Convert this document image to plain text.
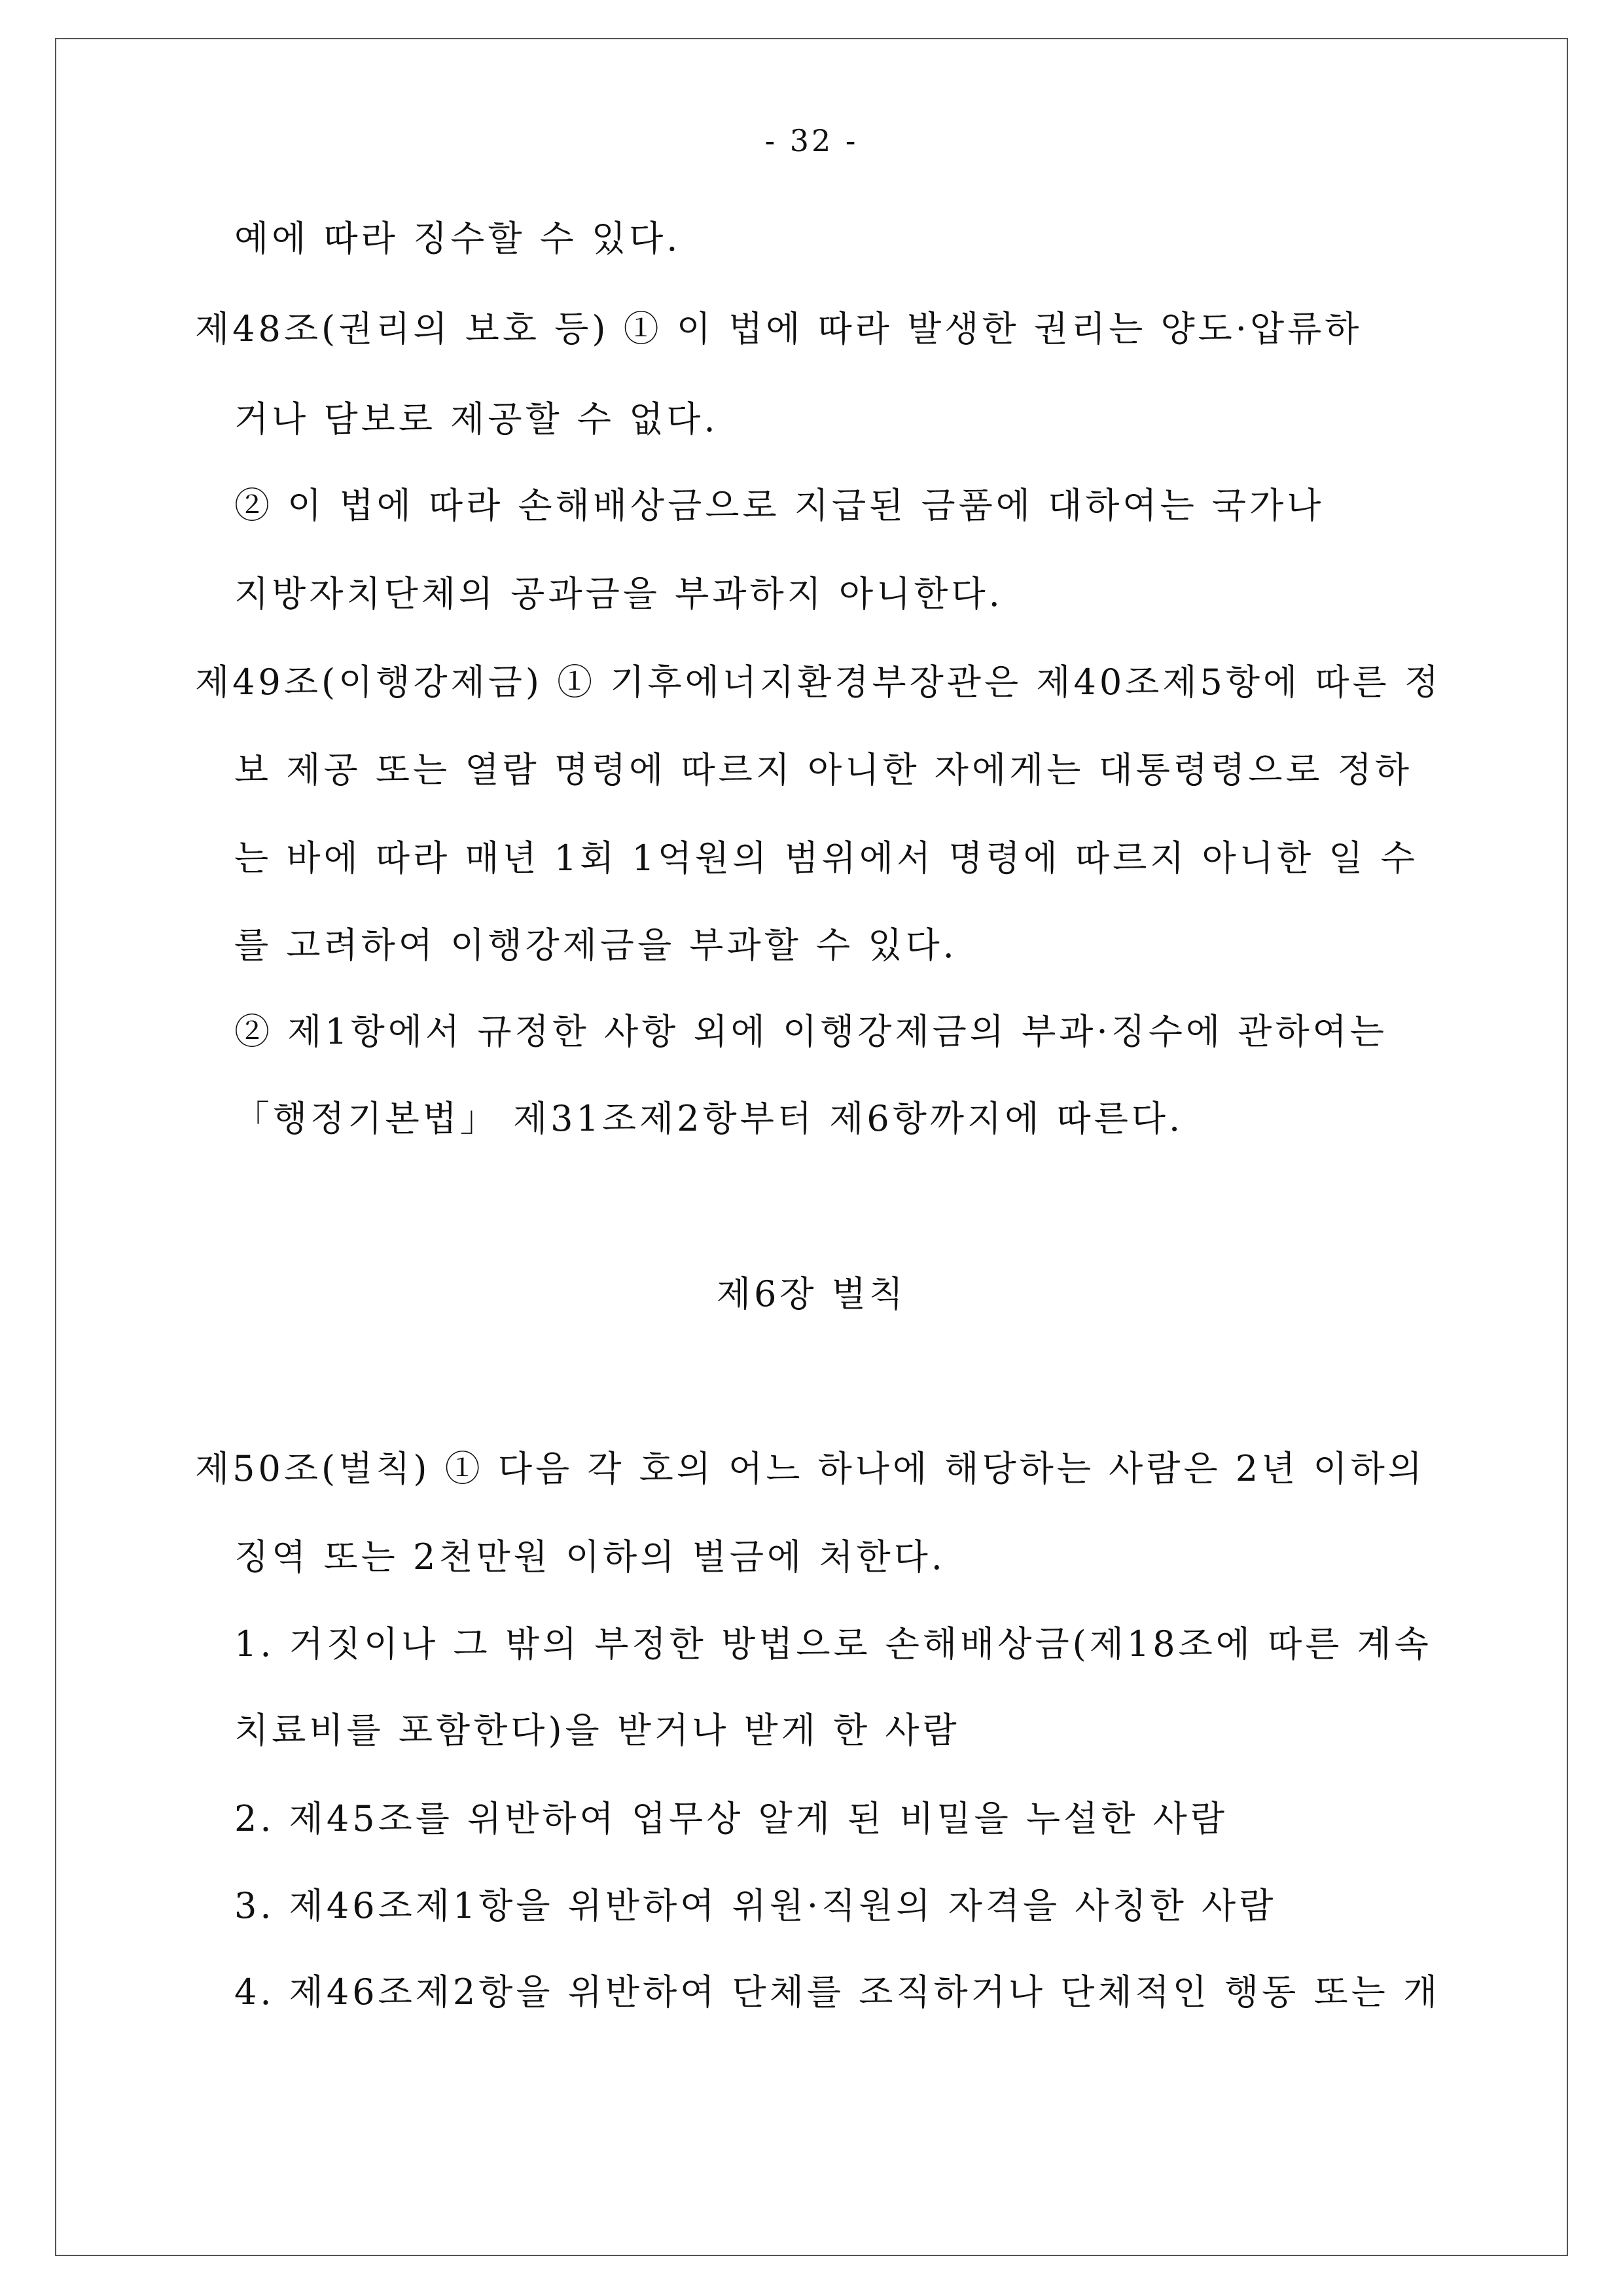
- 32 -
예에 따라 징수할 수 있다.
제48조(권리의 보호 등) ① 이 법에 따라 발생한 권리는 양도·압류하
거나 담보로 제공할 수 없다.
② 이 법에 따라 손해배상금으로 지급된 금품에 대하여는 국가나
지방자치단체의 공과금을 부과하지 아니한다.
제49조(이행강제금) ① 기후에너지환경부장관은 제40조제5항에 따른 정
보 제공 또는 열람 명령에 따르지 아니한 자에게는 대통령령으로 정하
는 바에 따라 매년 1회 1억원의 범위에서 명령에 따르지 아니한 일 수
를 고려하여 이행강제금을 부과할 수 있다.
② 제1항에서 규정한 사항 외에 이행강제금의 부과·징수에 관하여는
「행정기본법」 제31조제2항부터 제6항까지에 따른다.
제6장 벌칙
제50조(벌칙) ① 다음 각 호의 어느 하나에 해당하는 사람은 2년 이하의
징역 또는 2천만원 이하의 벌금에 처한다.
1. 거짓이나 그 밖의 부정한 방법으로 손해배상금(제18조에 따른 계속
치료비를 포함한다)을 받거나 받게 한 사람
2. 제45조를 위반하여 업무상 알게 된 비밀을 누설한 사람
3. 제46조제1항을 위반하여 위원·직원의 자격을 사칭한 사람
4. 제46조제2항을 위반하여 단체를 조직하거나 단체적인 행동 또는 개
